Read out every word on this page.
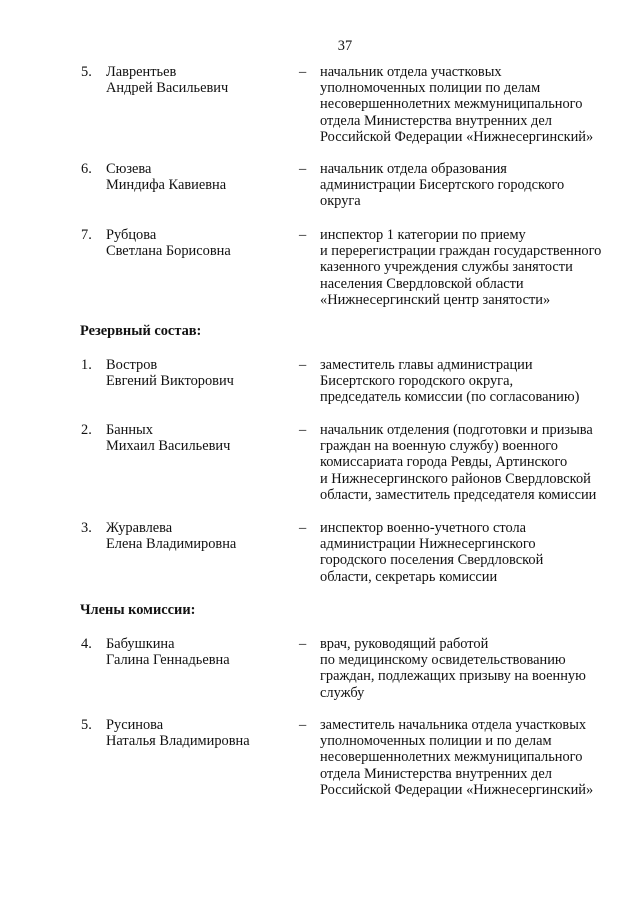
37
5. Лаврентьев
Андрей Васильевич
– начальник отдела участковых
уполномоченных полиции по делам
несовершеннолетних межмуниципального
отдела Министерства внутренних дел
Российской Федерации «Нижнесергинский»
6. Сюзева
Миндифа Кавиевна
– начальник отдела образования
администрации Бисертского городского
округа
7. Рубцова
Светлана Борисовна
– инспектор 1 категории по приему
и перерегистрации граждан государственного
казенного учреждения службы занятости
населения Свердловской области
«Нижнесергинский центр занятости»
Резервный состав:
1. Востров
Евгений Викторович
– заместитель главы администрации
Бисертского городского округа,
председатель комиссии (по согласованию)
2. Банных
Михаил Васильевич
– начальник отделения (подготовки и призыва
граждан на военную службу) военного
комиссариата города Ревды, Артинского
и Нижнесергинского районов Свердловской
области, заместитель председателя комиссии
3. Журавлева
Елена Владимировна
– инспектор военно-учетного стола
администрации Нижнесергинского
городского поселения Свердловской
области, секретарь комиссии
Члены комиссии:
4. Бабушкина
Галина Геннадьевна
– врач, руководящий работой
по медицинскому освидетельствованию
граждан, подлежащих призыву на военную
службу
5. Русинова
Наталья Владимировна
– заместитель начальника отдела участковых
уполномоченных полиции и по делам
несовершеннолетних межмуниципального
отдела Министерства внутренних дел
Российской Федерации «Нижнесергинский»
